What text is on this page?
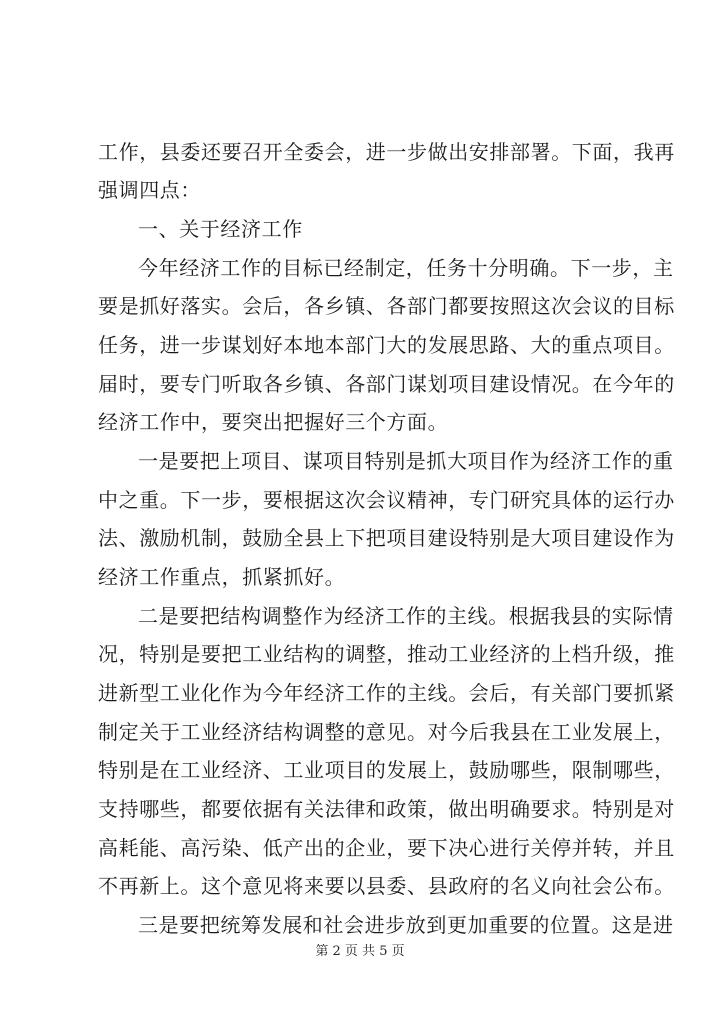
工作，县委还要召开全委会，进一步做出安排部署。下面，我再
强调四点：
一、关于经济工作
今年经济工作的目标已经制定，任务十分明确。下一步，主
要是抓好落实。会后，各乡镇、各部门都要按照这次会议的目标
任务，进一步谋划好本地本部门大的发展思路、大的重点项目。
届时，要专门听取各乡镇、各部门谋划项目建设情况。在今年的
经济工作中，要突出把握好三个方面。
一是要把上项目、谋项目特别是抓大项目作为经济工作的重
中之重。下一步，要根据这次会议精神，专门研究具体的运行办
法、激励机制，鼓励全县上下把项目建设特别是大项目建设作为
经济工作重点，抓紧抓好。
二是要把结构调整作为经济工作的主线。根据我县的实际情
况，特别是要把工业结构的调整，推动工业经济的上档升级，推
进新型工业化作为今年经济工作的主线。会后，有关部门要抓紧
制定关于工业经济结构调整的意见。对今后我县在工业发展上，
特别是在工业经济、工业项目的发展上，鼓励哪些，限制哪些，
支持哪些，都要依据有关法律和政策，做出明确要求。特别是对
高耗能、高污染、低产出的企业，要下决心进行关停并转，并且
不再新上。这个意见将来要以县委、县政府的名义向社会公布。
三是要把统筹发展和社会进步放到更加重要的位置。这是进
第 2 页 共 5 页
